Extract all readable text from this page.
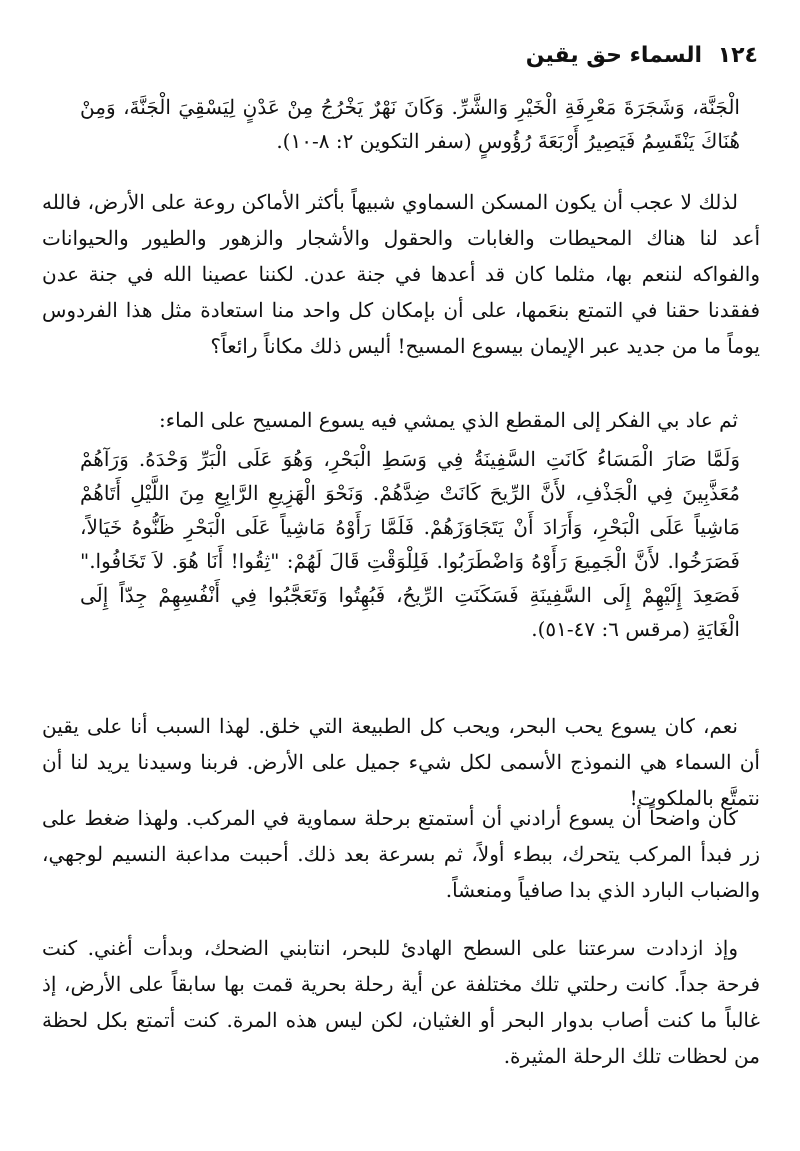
١٢٤ السماء حق يقين

الْجَنَّة، وَشَجَرَةَ مَعْرِفَةِ الْخَيْرِ وَالشَّرِّ. وَكَانَ نَهْرٌ يَخْرُجُ مِنْ عَدْنٍ لِيَسْقِيَ الْجَنَّةَ، وَمِنْ هُنَاكَ يَنْقَسِمُ فَيَصِيرُ أَرْبَعَةَ رُؤُوسٍ (سفر التكوين ٢: ٨-١٠).

لذلك لا عجب أن يكون المسكن السماوي شبيهاً بأكثر الأماكن روعة على الأرض، فالله أعد لنا هناك المحيطات والغابات والحقول والأشجار والزهور والطيور والحيوانات والفواكه لننعم بها، مثلما كان قد أعدها في جنة عدن. لكننا عصينا الله في جنة عدن ففقدنا حقنا في التمتع بنعَمها، على أن بإمكان كل واحد منا استعادة مثل هذا الفردوس يوماً ما من جديد عبر الإيمان بيسوع المسيح! أليس ذلك مكاناً رائعاً؟

ثم عاد بي الفكر إلى المقطع الذي يمشي فيه يسوع المسيح على الماء:

وَلَمَّا صَارَ الْمَسَاءُ كَانَتِ السَّفِينَةُ فِي وَسَطِ الْبَحْرِ، وَهُوَ عَلَى الْبَرِّ وَحْدَهُ. وَرَآهُمْ مُعَذَّبِينَ فِي الْجَذْفِ، لأَنَّ الرِّيحَ كَانَتْ ضِدَّهُمْ. وَنَحْوَ الْهَزِيعِ الرَّابِعِ مِنَ اللَّيْلِ أَتَاهُمْ مَاشِياً عَلَى الْبَحْرِ، وَأَرَادَ أَنْ يَتَجَاوَزَهُمْ. فَلَمَّا رَأَوْهُ مَاشِياً عَلَى الْبَحْرِ ظَنُّوهُ خَيَالاً، فَصَرَخُوا. لأَنَّ الْجَمِيعَ رَأَوْهُ وَاضْطَرَبُوا. فَلِلْوَقْتِ قَالَ لَهُمْ: "ثِقُوا! أَنَا هُوَ. لاَ تَخَافُوا." فَصَعِدَ إِلَيْهِمْ إِلَى السَّفِينَةِ فَسَكَنَتِ الرِّيحُ، فَبُهِتُوا وَتَعَجَّبُوا فِي أَنْفُسِهِمْ جِدّاً إِلَى الْغَايَةِ (مرقس ٦: ٤٧-٥١).

نعم، كان يسوع يحب البحر، ويحب كل الطبيعة التي خلق. لهذا السبب أنا على يقين أن السماء هي النموذج الأسمى لكل شيء جميل على الأرض. فربنا وسيدنا يريد لنا أن نتمتَّع بالملكوت!

كان واضحاً أن يسوع أرادني أن أستمتع برحلة سماوية في المركب. ولهذا ضغط على زر فبدأ المركب يتحرك، ببطء أولاً، ثم بسرعة بعد ذلك. أحببت مداعبة النسيم لوجهي، والضباب البارد الذي بدا صافياً ومنعشاً.

وإذ ازدادت سرعتنا على السطح الهادئ للبحر، انتابني الضحك، وبدأت أغني. كنت فرحة جداً. كانت رحلتي تلك مختلفة عن أية رحلة بحرية قمت بها سابقاً على الأرض، إذ غالباً ما كنت أصاب بدوار البحر أو الغثيان، لكن ليس هذه المرة. كنت أتمتع بكل لحظة من لحظات تلك الرحلة المثيرة.
